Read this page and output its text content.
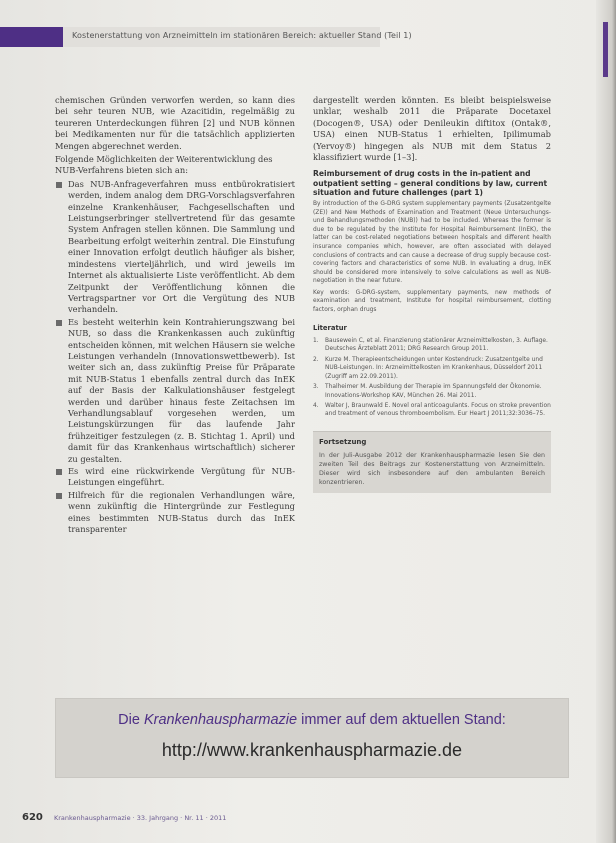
Kostenerstattung von Arzneimitteln im stationären Bereich: aktueller Stand (Teil 1)

chemischen Gründen verworfen werden, so kann dies bei sehr teuren NUB, wie Azacitidin, regelmäßig zu teureren Unterdeckungen führen [2] und NUB können bei Medikamenten nur für die tatsächlich applizierten Mengen abgerechnet werden.

Folgende Möglichkeiten der Weiterentwicklung des NUB-Verfahrens bieten sich an:

Das NUB-Anfrageverfahren muss entbürokratisiert werden, indem analog dem DRG-Vorschlagsverfahren einzelne Krankenhäuser, Fachgesellschaften und Leistungserbringer stellvertretend für das gesamte System Anfragen stellen können. Die Sammlung und Bearbeitung erfolgt weiterhin zentral. Die Einstufung einer Innovation erfolgt deutlich häufiger als bisher, mindestens vierteljährlich, und wird jeweils im Internet als aktualisierte Liste veröffentlicht. Ab dem Zeitpunkt der Veröffentlichung können die Vertragspartner vor Ort die Vergütung des NUB verhandeln.
Es besteht weiterhin kein Kontrahierungszwang bei NUB, so dass die Krankenkassen auch zukünftig entscheiden können, mit welchen Häusern sie welche Leistungen verhandeln (Innovationswettbewerb). Ist weiter sich an, dass zukünftig Preise für Präparate mit NUB-Status 1 ebenfalls zentral durch das InEK auf der Basis der Kalkulationshäuser festgelegt werden und darüber hinaus feste Zeitachsen im Verhandlungsablauf vorgesehen werden, um Leistungskürzungen für das laufende Jahr frühzeitiger festzulegen (z. B. Stichtag 1. April) und damit für das Krankenhaus wirtschaftlich) sicherer zu gestalten.
Es wird eine rückwirkende Vergütung für NUB-Leistungen eingeführt.
Hilfreich für die regionalen Verhandlungen wäre, wenn zukünftig die Hintergründe zur Festlegung eines bestimmten NUB-Status durch das InEK transparenter

dargestellt werden könnten. Es bleibt beispielsweise unklar, weshalb 2011 die Präparate Docetaxel (Docogen®, USA) oder Denileukin diftitox (Ontak®, USA) einen NUB-Status 1 erhielten, Ipilimumab (Yervoy®) hingegen als NUB mit dem Status 2 klassifiziert wurde [1–3].

Reimbursement of drug costs in the in-patient and outpatient setting – general conditions by law, current situation and future challenges (part 1)
By introduction of the G-DRG system supplementary payments (Zusatzentgelte (ZE)) and New Methods of Examination and Treatment (Neue Untersuchungs- und Behandlungsmethoden (NUB)) had to be included. Whereas the former is due to be regulated by the Institute for Hospital Reimbursement (InEK), the latter can be cost-related negotiations between hospitals and different health insurance companies which, however, are often associated with delayed conclusions of contracts and can cause a decrease of drug supply because cost-covering factors and characteristics of some NUB. In evaluating a drug, InEK should be considered more intensively to solve calculations as well as NUB-negotiation in the near future.
Key words: G-DRG-system, supplementary payments, new methods of examination and treatment, Institute for hospital reimbursement, clotting factors, orphan drugs
Literatur
1. Bausewein C, et al. Finanzierung stationärer Arzneimittelkosten, 3. Auflage. Deutsches Ärzteblatt 2011; DRG Research Group 2011.
2. Kurze M. Therapieentscheidungen unter Kostendruck: Zusatzentgelte und NUB-Leistungen. In: Arzneimittelkosten im Krankenhaus, Düsseldorf 2011 (Zugriff am 22.09.2011).
3. Thalheimer M. Ausbildung der Therapie im Spannungsfeld der Ökonomie. Innovations-Workshop KAV, München 26. Mai 2011.
4. Walter J, Braunwald E. Novel oral anticoagulants. Focus on stroke prevention and treatment of venous thromboembolism. Eur Heart J 2011;32:3036–75.
Fortsetzung
In der Juli-Ausgabe 2012 der Krankenhauspharmazie lesen Sie den zweiten Teil des Beitrags zur Kostenerstattung von Arzneimitteln. Dieser wird sich insbesondere auf den ambulanten Bereich konzentrieren.
Die Krankenhauspharmazie immer auf dem aktuellen Stand:
http://www.krankenhauspharmazie.de
620 Krankenhauspharmazie · 33. Jahrgang · Nr. 11 · 2011
